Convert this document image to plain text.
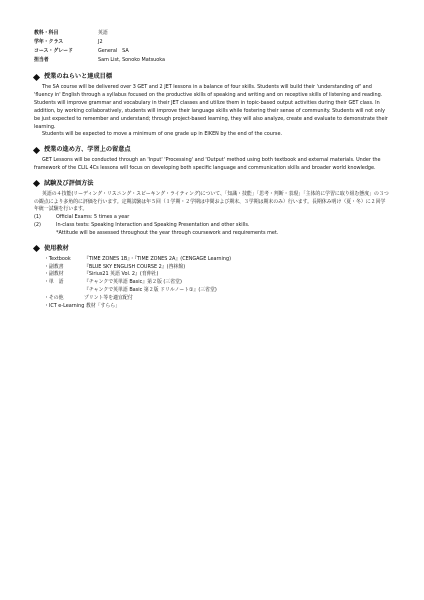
教科・科目	英語
学年・クラス	J2
コース・グレード	General　SA
担当者	Sam List, Sonoko Matsuoka
授業のねらいと達成目標

The SA course will be delivered over 3 GET and 2 JET lessons in a balance of four skills. Students will build their 'understanding of' and 'fluency in' English through a syllabus focused on the productive skills of speaking and writing and on receptive skills of listening and reading. Students will improve grammar and vocabulary in their JET classes and utilize them in topic-based output activities during their GET class. In addition, by working collaboratively, students will improve their language skills while fostering their sense of community. Students will not only be just expected to remember and understand; through project-based learning, they will also analyze, create and evaluate to demonstrate their learning.

Students will be expected to move a minimum of one grade up in EIKEN by the end of the course.

授業の進め方、学習上の留意点

GET Lessons will be conducted through an 'Input' 'Processing' and 'Output' method using both textbook and external materials. Under the framework of the CLIL 4Cs lessons will focus on developing both specific language and communication skills and broader world knowledge.

試験及び評価方法

英語の４技能(リーディング・リスニング・スピーキング・ライティング)について、「知識・技能」「思考・判断・表現」「主体的に学習に取り組む態度」の３つの観点により多角的に評価を行います。定期試験は年５回（１学期・２学期は中間および期末、３学期は期末のみ）行います。長期休み明け（夏・冬）に２回学年統一試験を行います。

(1)	Official Exams: 5 times a year
(2)	In-class tests: Speaking Interaction and Speaking Presentation and other skills.
*Attitude will be assessed throughout the year through coursework and requirements met.
使用教材
・Textbook	『TIME ZONES 1B』・『TIME ZONES 2A』(CENGAGE Learning)
・副教書	『BLUE SKY ENGLISH COURSE 2』(啓林館)
・副教材	『Sirius21 英語 Vol. 2』(育伸社)
・単　語	『チャンクで英単語 Basic』第２版 (三省堂)
『チャンクで英単語 Basic 第２版 ドリルノート①』(三省堂)
・その他	プリント等を適宜配付
・ICT e-Learning 教材「すらら」
